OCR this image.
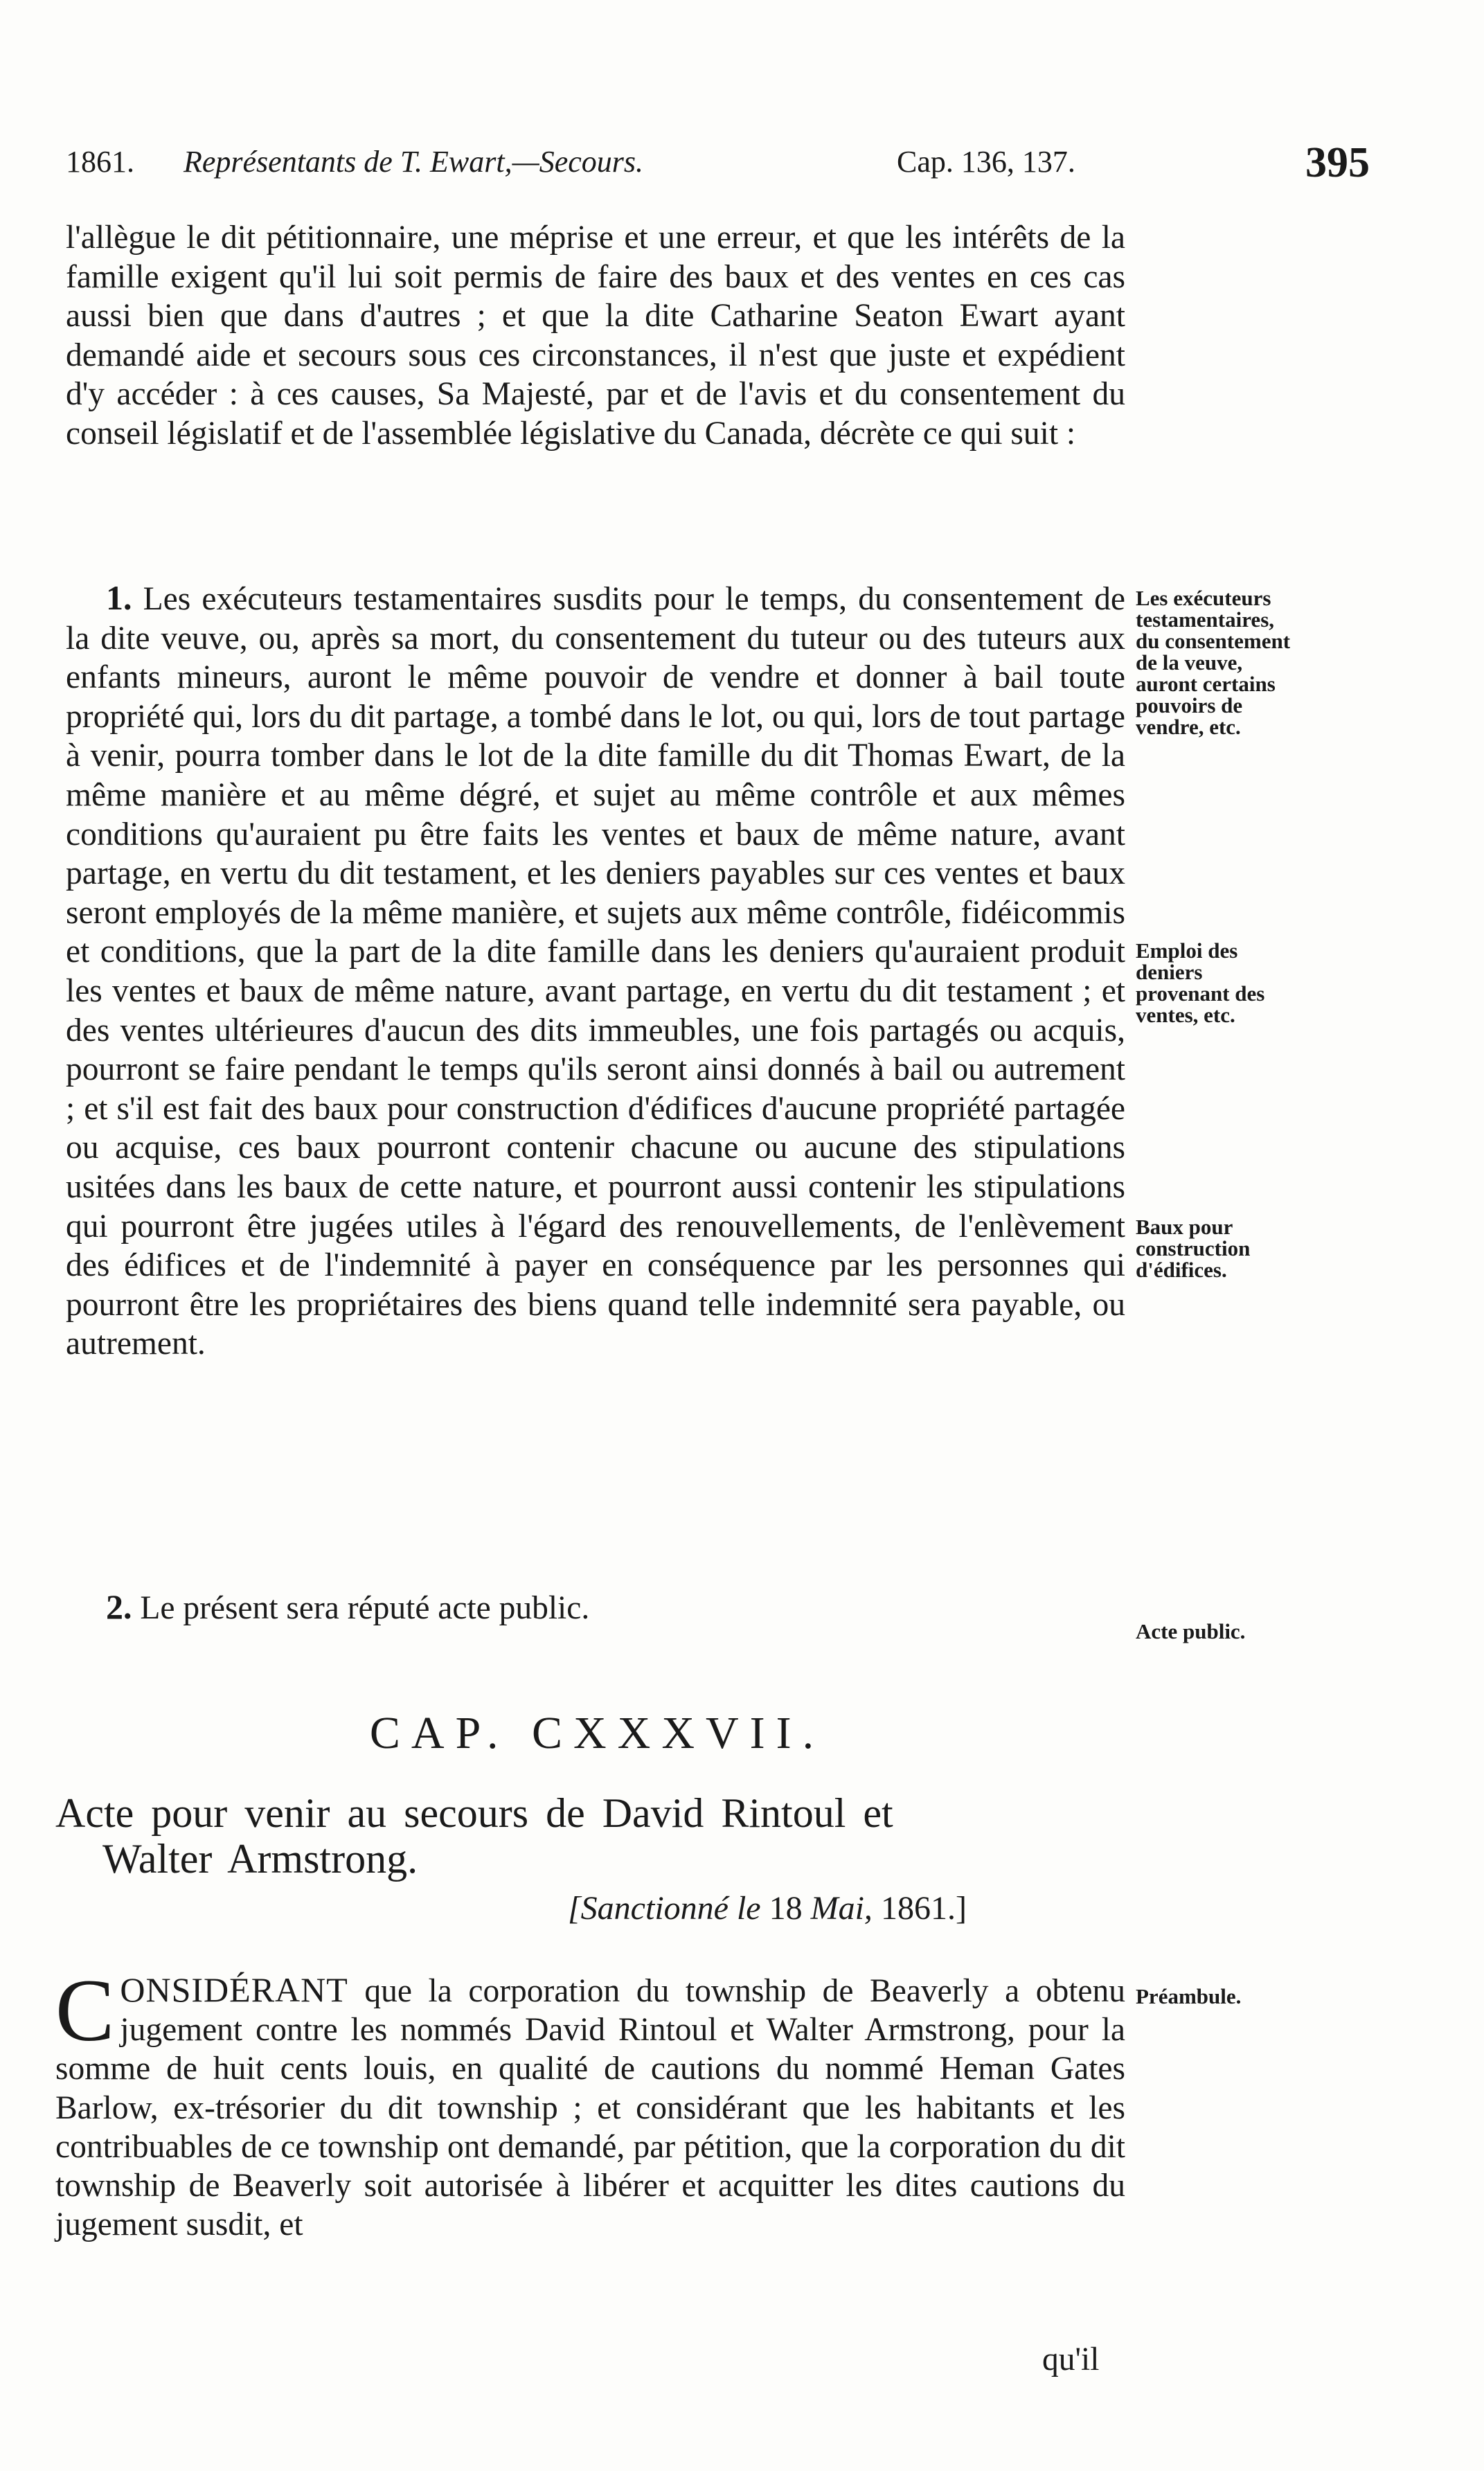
1861. Représentants de T. Ewart,—Secours.	Cap. 136, 137.	395

l'allègue le dit pétitionnaire, une méprise et une erreur, et que les intérêts de la famille exigent qu'il lui soit permis de faire des baux et des ventes en ces cas aussi bien que dans d'autres ; et que la dite Catharine Seaton Ewart ayant demandé aide et secours sous ces circonstances, il n'est que juste et expédient d'y accéder : à ces causes, Sa Majesté, par et de l'avis et du consentement du conseil législatif et de l'assemblée législative du Canada, décrète ce qui suit :

1. Les exécuteurs testamentaires susdits pour le temps, du consentement de la dite veuve, ou, après sa mort, du consentement du tuteur ou des tuteurs aux enfants mineurs, auront le même pouvoir de vendre et donner à bail toute propriété qui, lors du dit partage, a tombé dans le lot, ou qui, lors de tout partage à venir, pourra tomber dans le lot de la dite famille du dit Thomas Ewart, de la même manière et au même dégré, et sujet au même contrôle et aux mêmes conditions qu'auraient pu être faits les ventes et baux de même nature, avant partage, en vertu du dit testament, et les deniers payables sur ces ventes et baux seront employés de la même manière, et sujets aux même contrôle, fidéicommis et conditions, que la part de la dite famille dans les deniers qu'auraient produit les ventes et baux de même nature, avant partage, en vertu du dit testament ; et des ventes ultérieures d'aucun des dits immeubles, une fois partagés ou acquis, pourront se faire pendant le temps qu'ils seront ainsi donnés à bail ou autrement ; et s'il est fait des baux pour construction d'édifices d'aucune propriété partagée ou acquise, ces baux pourront contenir chacune ou aucune des stipulations usitées dans les baux de cette nature, et pourront aussi contenir les stipulations qui pourront être jugées utiles à l'égard des renouvellements, de l'enlèvement des édifices et de l'indemnité à payer en conséquence par les personnes qui pourront être les propriétaires des biens quand telle indemnité sera payable, ou autrement.

2. Le présent sera réputé acte public.

Les exécuteurs testamentaires, du consentement de la veuve, auront certains pouvoirs de vendre, etc.
Emploi des deniers provenant des ventes, etc.
Baux pour construction d'édifices.
Acte public.
Préambule.
CAP. CXXXVII.
Acte pour venir au secours de David Rintoul et
Walter Armstrong.
[Sanctionné le 18 Mai, 1861.]
CONSIDÉRANT que la corporation du township de Beaverly a obtenu jugement contre les nommés David Rintoul et Walter Armstrong, pour la somme de huit cents louis, en qualité de cautions du nommé Heman Gates Barlow, ex-trésorier du dit township ; et considérant que les habitants et les contribuables de ce township ont demandé, par pétition, que la corporation du dit township de Beaverly soit autorisée à libérer et acquitter les dites cautions du jugement susdit, et
qu'il
